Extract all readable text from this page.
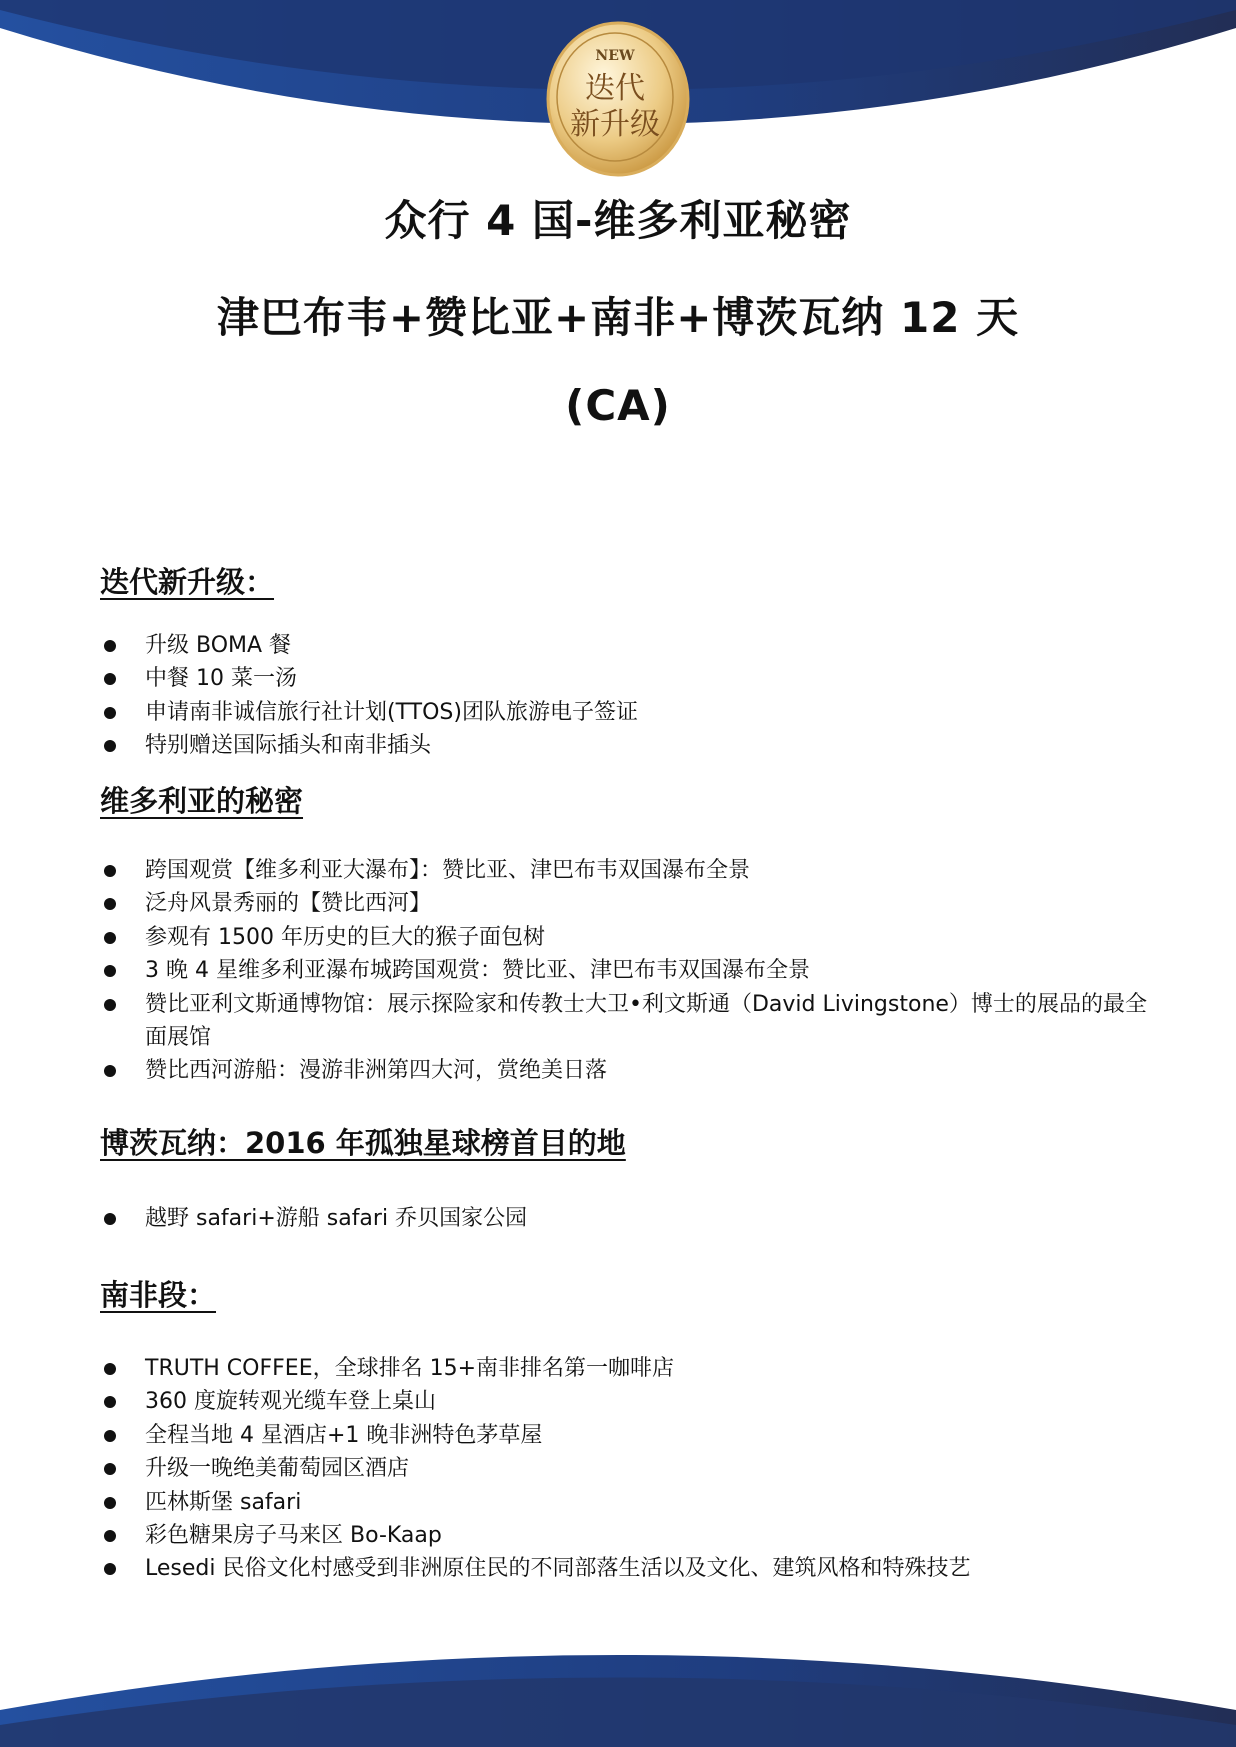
NEW
迭代
新升级
众行 4 国-维多利亚秘密
津巴布韦+赞比亚+南非+博茨瓦纳 12 天
(CA)

迭代新升级：

升级 BOMA 餐
中餐 10 菜一汤
申请南非诚信旅行社计划(TTOS)团队旅游电子签证
特别赠送国际插头和南非插头

维多利亚的秘密

跨国观赏【维多利亚大瀑布】：赞比亚、津巴布韦双国瀑布全景
泛舟风景秀丽的【赞比西河】
参观有 1500 年历史的巨大的猴子面包树
3 晚 4 星维多利亚瀑布城跨国观赏：赞比亚、津巴布韦双国瀑布全景
赞比亚利文斯通博物馆：展示探险家和传教士大卫•利文斯通（David Livingstone）博士的展品的最全面展馆
赞比西河游船：漫游非洲第四大河，赏绝美日落

博茨瓦纳：2016 年孤独星球榜首目的地

越野 safari+游船 safari 乔贝国家公园

南非段：

TRUTH COFFEE，全球排名 15+南非排名第一咖啡店
360 度旋转观光缆车登上桌山
全程当地 4 星酒店+1 晚非洲特色茅草屋
升级一晚绝美葡萄园区酒店
匹林斯堡 safari
彩色糖果房子马来区 Bo-Kaap
Lesedi 民俗文化村感受到非洲原住民的不同部落生活以及文化、建筑风格和特殊技艺
